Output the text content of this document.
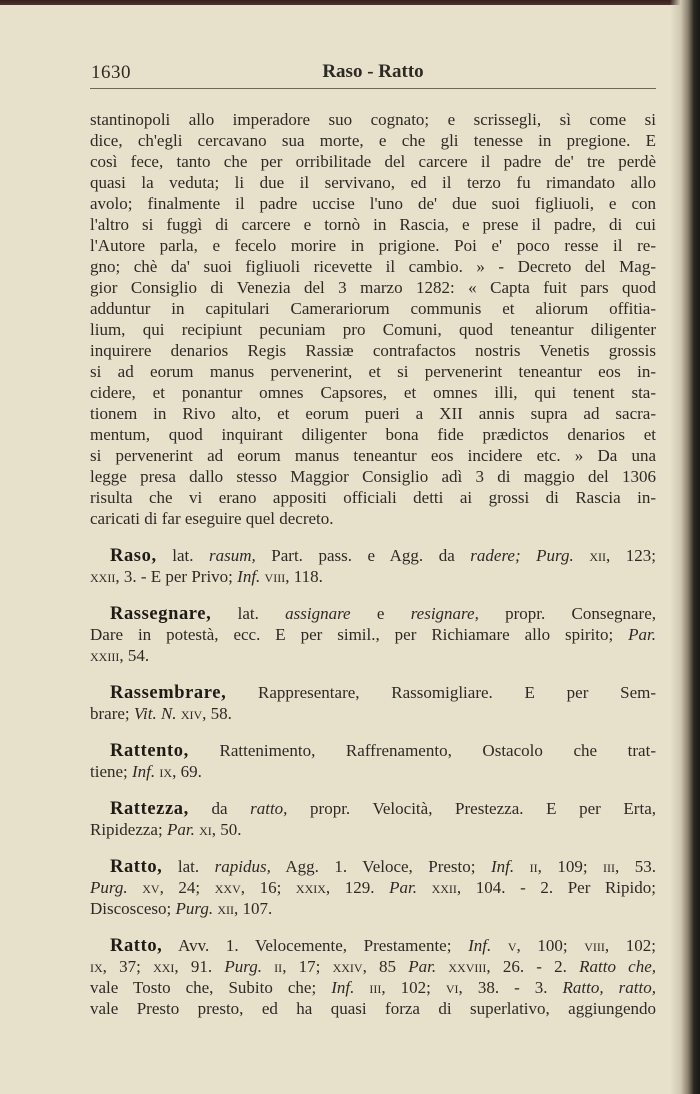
1630	Raso - Ratto
stantinopoli allo imperadore suo cognato; e scrissegli, sì come si
dice, ch'egli cercavano sua morte, e che gli tenesse in pregione. E
così fece, tanto che per orribilitade del carcere il padre de' tre perdè
quasi la veduta; li due il servivano, ed il terzo fu rimandato allo
avolo; finalmente il padre uccise l'uno de' due suoi figliuoli, e con
l'altro si fuggì di carcere e tornò in Rascia, e prese il padre, di cui
l'Autore parla, e fecelo morire in prigione. Poi e' poco resse il re-
gno; chè da' suoi figliuoli ricevette il cambio. » - Decreto del Mag-
gior Consiglio di Venezia del 3 marzo 1282: « Capta fuit pars quod
adduntur in capitulari Camerariorum communis et aliorum offitia-
lium, qui recipiunt pecuniam pro Comuni, quod teneantur diligenter
inquirere denarios Regis Rassiæ contrafactos nostris Venetis grossis
si ad eorum manus pervenerint, et si pervenerint teneantur eos in-
cidere, et ponantur omnes Capsores, et omnes illi, qui tenent sta-
tionem in Rivo alto, et eorum pueri a XII annis supra ad sacra-
mentum, quod inquirant diligenter bona fide prædictos denarios et
si pervenerint ad eorum manus teneantur eos incidere etc. » Da una
legge presa dallo stesso Maggior Consiglio adì 3 di maggio del 1306
risulta che vi erano appositi officiali detti ai grossi di Rascia in-
caricati di far eseguire quel decreto.
Raso, lat. rasum, Part. pass. e Agg. da radere; Purg. xii, 123;
xxii, 3. - E per Privo; Inf. viii, 118.
Rassegnare, lat. assignare e resignare, propr. Consegnare,
Dare in potestà, ecc. E per simil., per Richiamare allo spirito; Par.
xxiii, 54.
Rassembrare, Rappresentare, Rassomigliare. E per Sem-
brare; Vit. N. xiv, 58.
Rattento, Rattenimento, Raffrenamento, Ostacolo che trat-
tiene; Inf. ix, 69.
Rattezza, da ratto, propr. Velocità, Prestezza. E per Erta,
Ripidezza; Par. xi, 50.
Ratto, lat. rapidus, Agg. 1. Veloce, Presto; Inf. ii, 109; iii, 53.
Purg. xv, 24; xxv, 16; xxix, 129. Par. xxii, 104. - 2. Per Ripido;
Discosceso; Purg. xii, 107.
Ratto, Avv. 1. Velocemente, Prestamente; Inf. v, 100; viii, 102;
ix, 37; xxi, 91. Purg. ii, 17; xxiv, 85 Par. xxviii, 26. - 2. Ratto che,
vale Tosto che, Subito che; Inf. iii, 102; vi, 38. - 3. Ratto, ratto,
vale Presto presto, ed ha quasi forza di superlativo, aggiungendo
